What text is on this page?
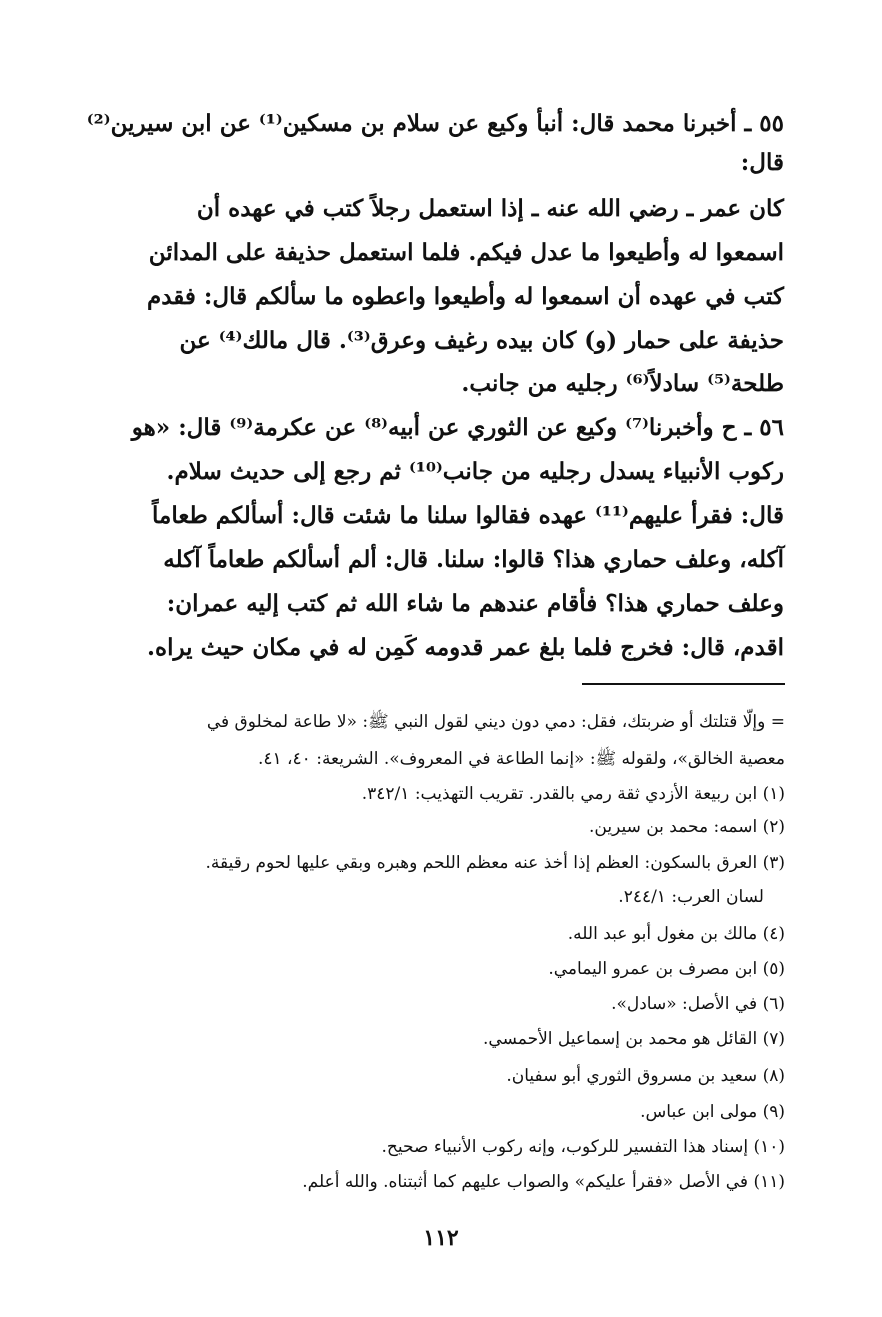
٥٥ ـ أخبرنا محمد قال: أنبأ وكيع عن سلام بن مسكين⁽¹⁾ عن ابن سيرين⁽²⁾
قال:
كان عمر ـ رضي الله عنه ـ إذا استعمل رجلاً كتب في عهده أن
اسمعوا له وأطيعوا ما عدل فيكم. فلما استعمل حذيفة على المدائن
كتب في عهده أن اسمعوا له وأطيعوا واعطوه ما سألكم قال: فقدم
حذيفة على حمار (و) كان بيده رغيف وعرق⁽³⁾. قال مالك⁽⁴⁾ عن
طلحة⁽⁵⁾ سادلاً⁽⁶⁾ رجليه من جانب.
٥٦ ـ ح وأخبرنا⁽⁷⁾ وكيع عن الثوري عن أبيه⁽⁸⁾ عن عكرمة⁽⁹⁾ قال: «هو
ركوب الأنبياء يسدل رجليه من جانب⁽¹⁰⁾ ثم رجع إلى حديث سلام.
قال: فقرأ عليهم⁽¹¹⁾ عهده فقالوا سلنا ما شئت قال: أسألكم طعاماً
آكله، وعلف حماري هذا؟ قالوا: سلنا. قال: ألم أسألكم طعاماً آكله
وعلف حماري هذا؟ فأقام عندهم ما شاء الله ثم كتب إليه عمران:
اقدم، قال: فخرج فلما بلغ عمر قدومه كَمِن له في مكان حيث يراه.
= وإلّا قتلتك أو ضربتك، فقل: دمي دون ديني لقول النبي ﷺ: «لا طاعة لمخلوق في
معصية الخالق»، ولقوله ﷺ: «إنما الطاعة في المعروف». الشريعة: ٤٠، ٤١.
(١) ابن ربيعة الأزدي ثقة رمي بالقدر. تقريب التهذيب: ٣٤٢/١.
(٢) اسمه: محمد بن سيرين.
(٣) العرق بالسكون: العظم إذا أخذ عنه معظم اللحم وهبره وبقي عليها لحوم رقيقة.
لسان العرب: ٢٤٤/١.
(٤) مالك بن مغول أبو عبد الله.
(٥) ابن مصرف بن عمرو اليمامي.
(٦) في الأصل: «سادل».
(٧) القائل هو محمد بن إسماعيل الأحمسي.
(٨) سعيد بن مسروق الثوري أبو سفيان.
(٩) مولى ابن عباس.
(١٠) إسناد هذا التفسير للركوب، وإنه ركوب الأنبياء صحيح.
(١١) في الأصل «فقرأ عليكم» والصواب عليهم كما أثبتناه. والله أعلم.
١١٢
